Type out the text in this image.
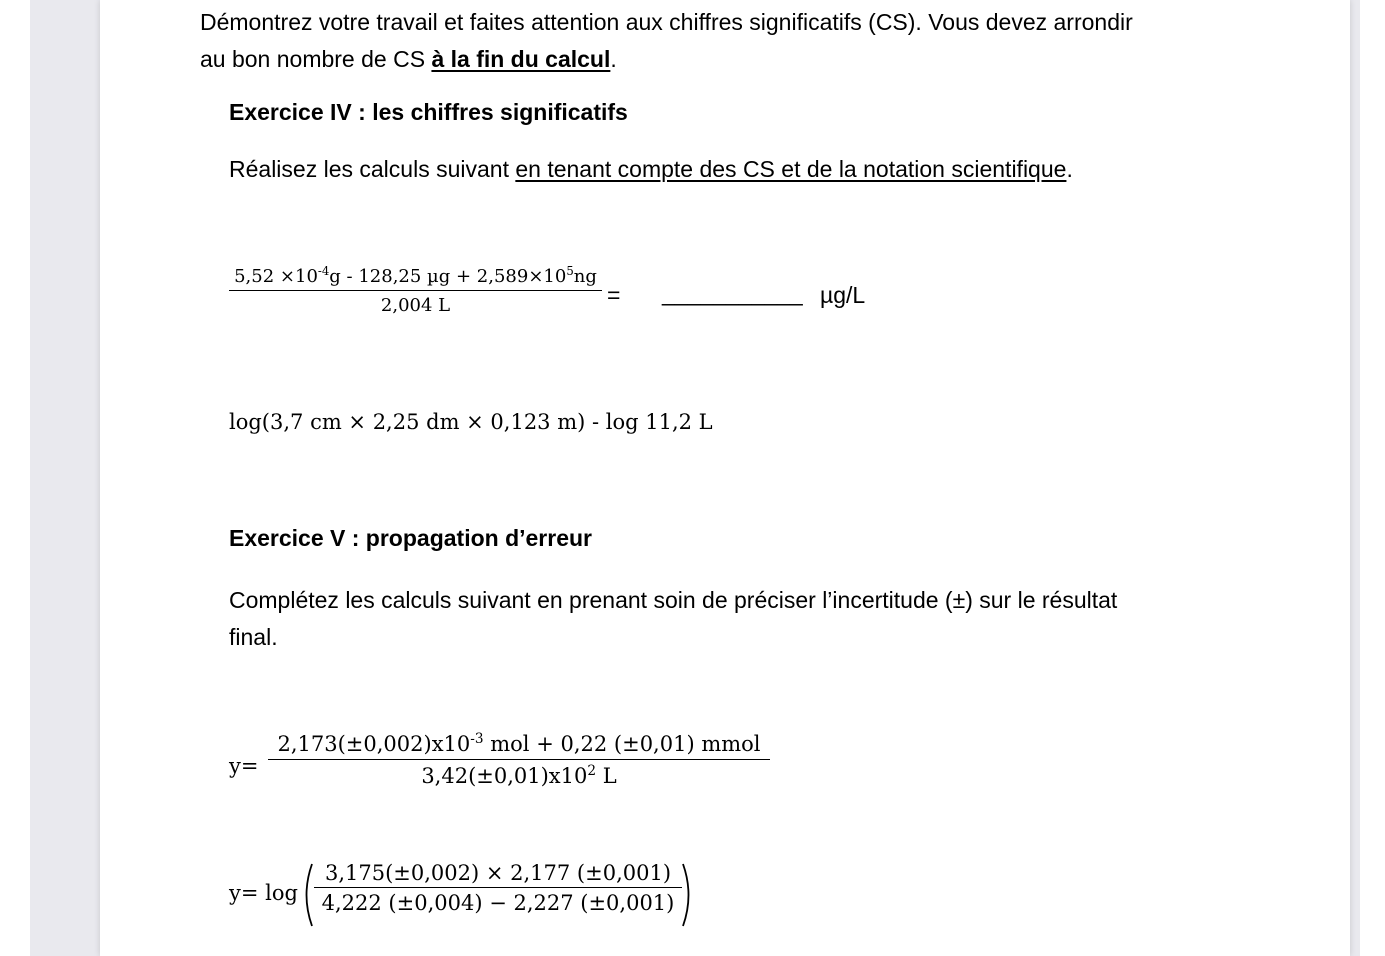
Démontrez votre travail et faites attention aux chiffres significatifs (CS). Vous devez arrondir
au bon nombre de CS à la fin du calcul.
Exercice IV : les chiffres significatifs
Réalisez les calculs suivant en tenant compte des CS et de la notation scientifique.
$5,52 \times 10^{-4}g - 128,25$ $\mu g + 2,589\times 10^5ng$
2,004 L	= ___________ µg/L
log(3,7 cm × 2,25 dm × 0,123 m) - log 11,2 L
Exercice V : propagation d’erreur
Complétez les calculs suivant en prenant soin de préciser l’incertitude (±) sur le résultat
final.
y=
$2,173(\pm 0,002)x10^{-3}$ mol + 0,22 (±0,01) mmol
$3,42(\pm 0,01)x10^2$ L
y= log
3,175(±0,002) × 2,177 (±0,001)
4,222 (±0,004) − 2,227 (±0,001)
